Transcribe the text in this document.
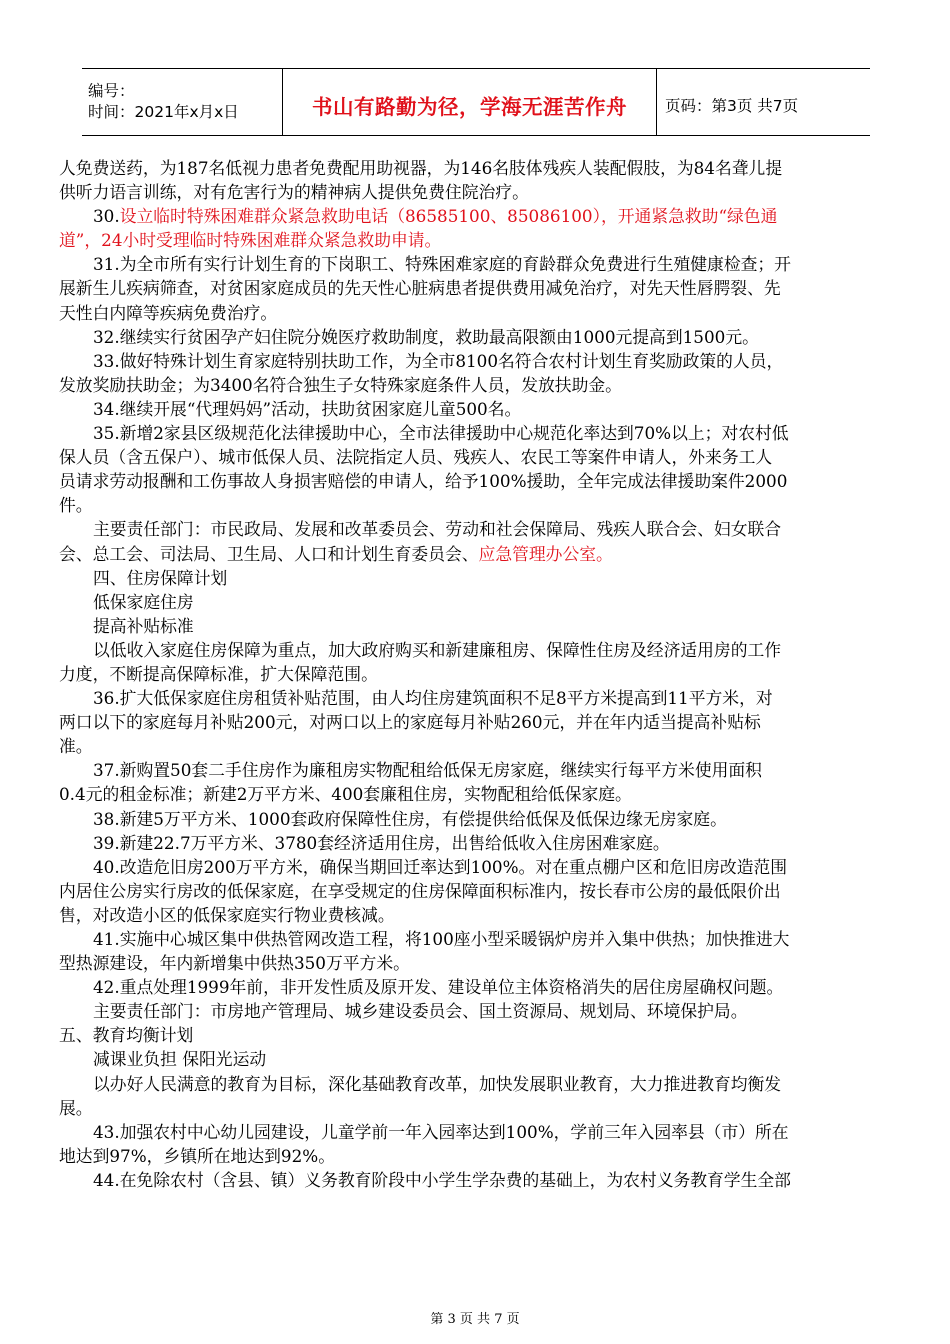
编号：
时间：2021年x月x日	书山有路勤为径，学海无涯苦作舟 页码：第3页 共7页

人免费送药，为187名低视力患者免费配用助视器，为146名肢体残疾人装配假肢，为84名聋儿提

供听力语言训练，对有危害行为的精神病人提供免费住院治疗。

30.设立临时特殊困难群众紧急救助电话（86585100、85086100），开通紧急救助“绿色通

道”，24小时受理临时特殊困难群众紧急救助申请。

31.为全市所有实行计划生育的下岗职工、特殊困难家庭的育龄群众免费进行生殖健康检查；开

展新生儿疾病筛查，对贫困家庭成员的先天性心脏病患者提供费用减免治疗，对先天性唇腭裂、先

天性白内障等疾病免费治疗。

32.继续实行贫困孕产妇住院分娩医疗救助制度，救助最高限额由1000元提高到1500元。

33.做好特殊计划生育家庭特别扶助工作，为全市8100名符合农村计划生育奖励政策的人员，

发放奖励扶助金；为3400名符合独生子女特殊家庭条件人员，发放扶助金。

34.继续开展“代理妈妈”活动，扶助贫困家庭儿童500名。

35.新增2家县区级规范化法律援助中心，全市法律援助中心规范化率达到70%以上；对农村低

保人员（含五保户）、城市低保人员、法院指定人员、残疾人、农民工等案件申请人，外来务工人

员请求劳动报酬和工伤事故人身损害赔偿的申请人，给予100%援助，全年完成法律援助案件2000

件。

主要责任部门：市民政局、发展和改革委员会、劳动和社会保障局、残疾人联合会、妇女联合

会、总工会、司法局、卫生局、人口和计划生育委员会、应急管理办公室。

四、住房保障计划

低保家庭住房

提高补贴标准

以低收入家庭住房保障为重点，加大政府购买和新建廉租房、保障性住房及经济适用房的工作

力度，不断提高保障标准，扩大保障范围。

36.扩大低保家庭住房租赁补贴范围，由人均住房建筑面积不足8平方米提高到11平方米，对

两口以下的家庭每月补贴200元，对两口以上的家庭每月补贴260元，并在年内适当提高补贴标

准。

37.新购置50套二手住房作为廉租房实物配租给低保无房家庭，继续实行每平方米使用面积

0.4元的租金标准；新建2万平方米、400套廉租住房，实物配租给低保家庭。

38.新建5万平方米、1000套政府保障性住房，有偿提供给低保及低保边缘无房家庭。

39.新建22.7万平方米、3780套经济适用住房，出售给低收入住房困难家庭。

40.改造危旧房200万平方米，确保当期回迁率达到100%。对在重点棚户区和危旧房改造范围

内居住公房实行房改的低保家庭，在享受规定的住房保障面积标准内，按长春市公房的最低限价出

售，对改造小区的低保家庭实行物业费核减。

41.实施中心城区集中供热管网改造工程，将100座小型采暖锅炉房并入集中供热；加快推进大

型热源建设，年内新增集中供热350万平方米。

42.重点处理1999年前，非开发性质及原开发、建设单位主体资格消失的居住房屋确权问题。

主要责任部门：市房地产管理局、城乡建设委员会、国土资源局、规划局、环境保护局。

五、教育均衡计划

减课业负担 保阳光运动

以办好人民满意的教育为目标，深化基础教育改革，加快发展职业教育，大力推进教育均衡发

展。

43.加强农村中心幼儿园建设，儿童学前一年入园率达到100%，学前三年入园率县（市）所在

地达到97%，乡镇所在地达到92%。

44.在免除农村（含县、镇）义务教育阶段中小学生学杂费的基础上，为农村义务教育学生全部

第 3 页 共 7 页
